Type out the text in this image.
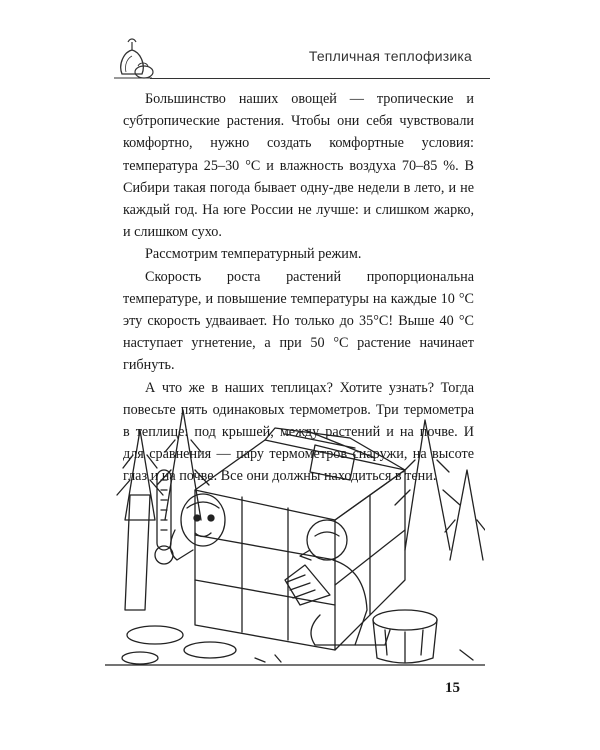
Тепличная теплофизика

Большинство наших овощей — тропические и субтропические растения. Чтобы они себя чувствовали комфортно, нужно создать комфортные условия: температура 25–30 °С и влажность воздуха 70–85 %. В Сибири такая погода бывает одну-две недели в лето, и не каждый год. На юге России не лучше: и слишком жарко, и слишком сухо.

Рассмотрим температурный режим.

Скорость роста растений пропорциональна температуре, и повышение температуры на каждые 10 °С эту скорость удваивает. Но только до 35°С! Выше 40 °С наступает угнетение, а при 50 °С растение начинает гибнуть.

А что же в наших теплицах? Хотите узнать? Тогда повесьте пять одинаковых термометров. Три термометра в теплице: под крышей, между растений и на почве. И для сравнения — пару термометров снаружи, на высоте глаз и на почве. Все они должны находиться в тени.

15
